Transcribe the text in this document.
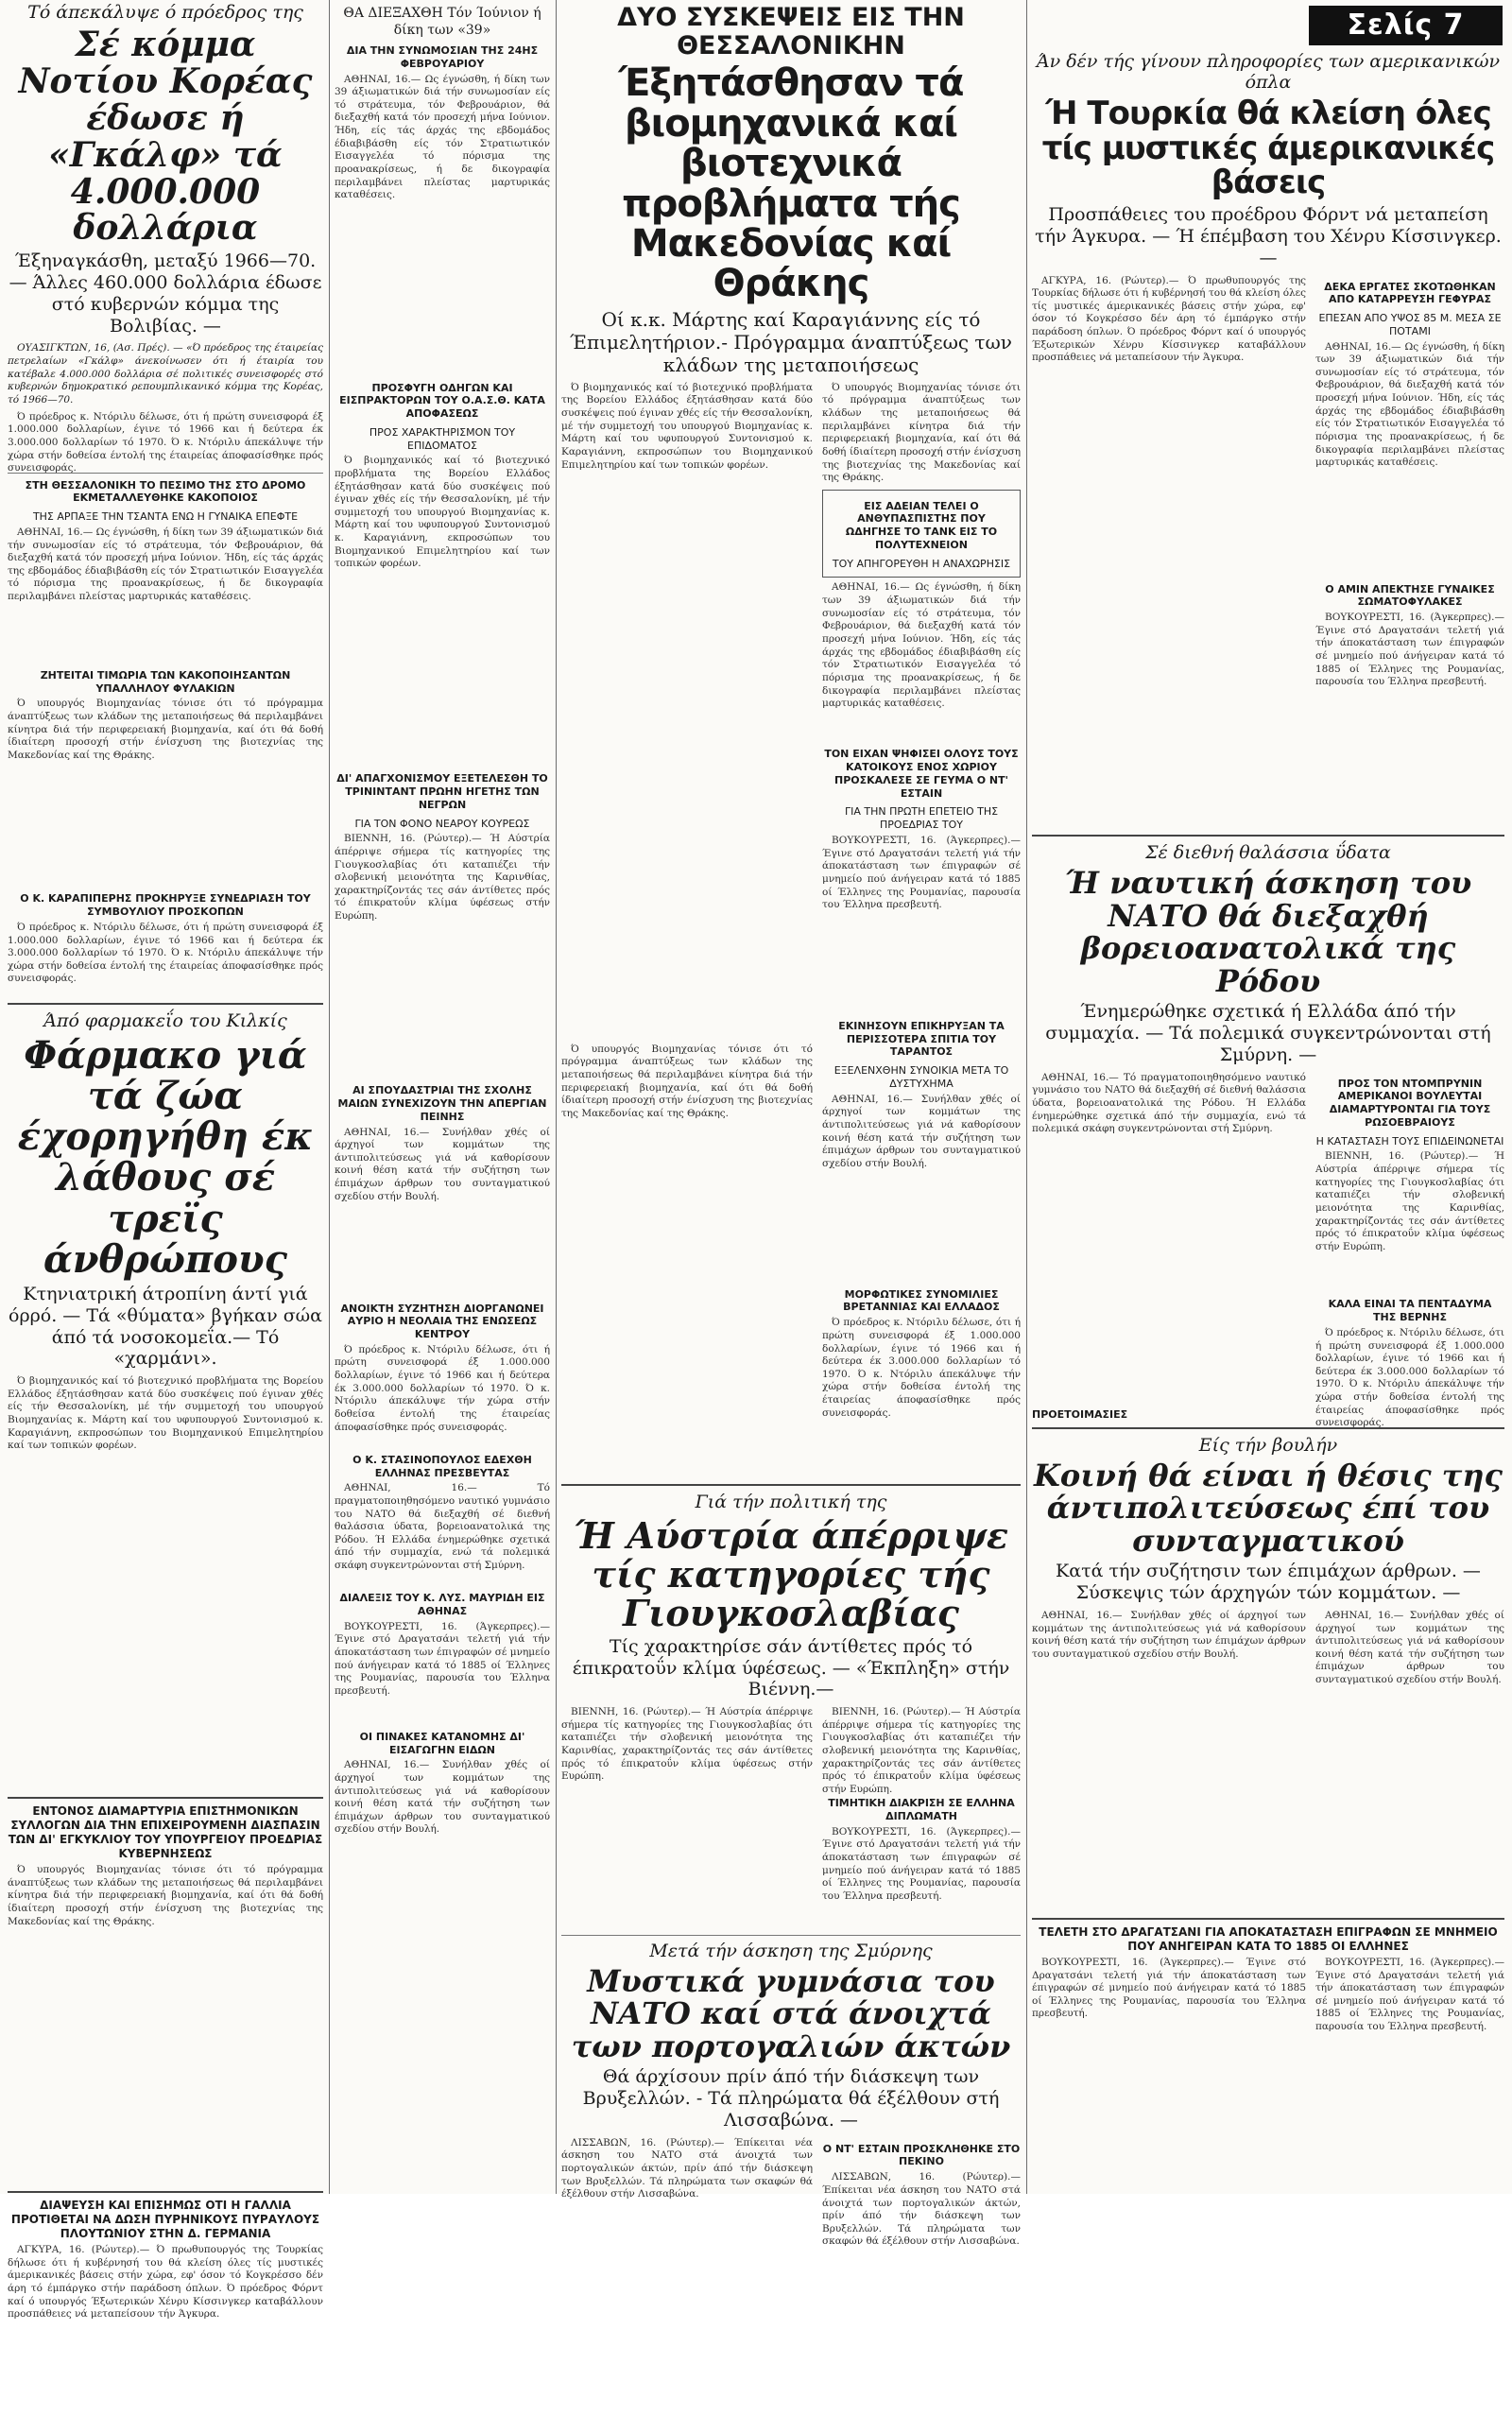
Σελίς 7
Τό άπεκάλυψε ό πρόεδρος της
Σέ κόμμα Νοτίου Κορέας έδωσε ή «Γκάλφ» τά 4.000.000 δολλάρια
Έξηναγκάσθη, μεταξύ 1966—70. — Άλλες 460.000 δολλάρια έδωσε στό κυβερνών κόμμα της Βολιβίας. —
ΟΥΑΣΙΓΚΤΩΝ, 16, (Ασ. Πρές). — «Ό πρόεδρος της έταιρείας πετρελαίων «Γκάλφ» άνεκοίνωσεν ότι ή έταιρία του κατέβαλε 4.000.000 δολλάρια σέ πολιτικές συνεισφορές στό κυβερνών δημοκρατικό ρεπουμπλικανικό κόμμα της Κορέας, τό 1966—70.
Ό πρόεδρος κ. Ντόριλυ δέλωσε, ότι ή πρώτη συνεισφορά έξ 1.000.000 δολλαρίων, έγινε τό 1966 και ή δεύτερα έκ 3.000.000 δολλαρίων τό 1970. Ό κ. Ντόριλυ άπεκάλυψε τήν χώρα στήν δοθείσα έντολή της έταιρείας άποφασίσθηκε πρός συνεισφοράς.
ΣΤΗ ΘΕΣΣΑΛΟΝΙΚΗ ΤΟ ΠΕΣΙΜΟ ΤΗΣ ΣΤΟ ΔΡΟΜΟ ΕΚΜΕΤΑΛΛΕΥΘΗΚΕ ΚΑΚΟΠΟΙΟΣ
ΤΗΣ ΑΡΠΑΞΕ ΤΗΝ ΤΣΑΝΤΑ ΕΝΩ Η ΓΥΝΑΙΚΑ ΕΠΕΦΤΕ
ΑΘΗΝΑΙ, 16.— Ως έγνώσθη, ή δίκη των 39 άξιωματικών διά τήν συνωμοσίαν είς τό στράτευμα, τόν Φεβρουάριον, θά διεξαχθή κατά τόν προσεχή μήνα Ιούνιον. Ήδη, είς τάς άρχάς της εβδομάδος έδιαβιβάσθη είς τόν Στρατιωτικόν Εισαγγελέα τό πόρισμα της προανακρίσεως, ή δε δικογραφία περιλαμβάνει πλείστας μαρτυρικάς καταθέσεις.
ΖΗΤΕΙΤΑΙ ΤΙΜΩΡΙΑ ΤΩΝ ΚΑΚΟΠΟΙΗΣΑΝΤΩΝ ΥΠΑΛΛΗΛΟΥ ΦΥΛΑΚΙΩΝ
Ό υπουργός Βιομηχανίας τόνισε ότι τό πρόγραμμα άναπτύξεως των κλάδων της μεταποιήσεως θά περιλαμβάνει κίνητρα διά τήν περιφερειακή βιομηχανία, καί ότι θά δοθή ίδιαίτερη προσοχή στήν ένίσχυση της βιοτεχνίας της Μακεδονίας καί της Θράκης.
Ο Κ. ΚΑΡΑΠΙΠΕΡΗΣ ΠΡΟΚΗΡΥΞΕ ΣΥΝΕΔΡΙΑΣΗ ΤΟΥ ΣΥΜΒΟΥΛΙΟΥ ΠΡΟΣΚΟΠΩΝ
Ό πρόεδρος κ. Ντόριλυ δέλωσε, ότι ή πρώτη συνεισφορά έξ 1.000.000 δολλαρίων, έγινε τό 1966 και ή δεύτερα έκ 3.000.000 δολλαρίων τό 1970. Ό κ. Ντόριλυ άπεκάλυψε τήν χώρα στήν δοθείσα έντολή της έταιρείας άποφασίσθηκε πρός συνεισφοράς.
Άπό φαρμακεΐο του Κιλκίς
Φάρμακο γιά τά ζώα έχορηγήθη έκ λάθους σέ τρεϊς άνθρώπους
Κτηνιατρική άτροπίνη άντί γιά όρρό. — Τά «θύματα» βγήκαν σώα άπό τά νοσοκομεΐα.— Τό «χαρμάνι».
Ό βιομηχανικός καί τό βιοτεχνικό προβλήματα της Βορείου Ελλάδος έξητάσθησαν κατά δύο συσκέψεις πού έγιναν χθές είς τήν Θεσσαλονίκη, μέ τήν συμμετοχή του υπουργού Βιομηχανίας κ. Μάρτη καί του υφυπουργού Συντονισμού κ. Καραγιάννη, εκπροσώπων του Βιομηχανικού Επιμελητηρίου καί των τοπικών φορέων.
ΕΝΤΟΝΟΣ ΔΙΑΜΑΡΤΥΡΙΑ ΕΠΙΣΤΗΜΟΝΙΚΩΝ ΣΥΛΛΟΓΩΝ ΔΙΑ ΤΗΝ ΕΠΙΧΕΙΡΟΥΜΕΝΗ ΔΙΑΣΠΑΣΙΝ ΤΩΝ ΔΙ' ΕΓΚΥΚΛΙΟΥ ΤΟΥ ΥΠΟΥΡΓΕΙΟΥ ΠΡΟΕΔΡΙΑΣ ΚΥΒΕΡΝΗΣΕΩΣ
Ό υπουργός Βιομηχανίας τόνισε ότι τό πρόγραμμα άναπτύξεως των κλάδων της μεταποιήσεως θά περιλαμβάνει κίνητρα διά τήν περιφερειακή βιομηχανία, καί ότι θά δοθή ίδιαίτερη προσοχή στήν ένίσχυση της βιοτεχνίας της Μακεδονίας καί της Θράκης.
ΔΙΑΨΕΥΣΗ ΚΑΙ ΕΠΙΣΗΜΩΣ ΟΤΙ Η ΓΑΛΛΙΑ ΠΡΟΤΙΘΕΤΑΙ ΝΑ ΔΩΣΗ ΠΥΡΗΝΙΚΟΥΣ ΠΥΡΑΥΛΟΥΣ ΠΛΟΥΤΩΝΙΟΥ ΣΤΗΝ Δ. ΓΕΡΜΑΝΙΑ
ΑΓΚΥΡΑ, 16. (Ρώυτερ).— Ό πρωθυπουργός της Τουρκίας δήλωσε ότι ή κυβέρνησή του θά κλείση όλες τίς μυστικές άμερικανικές βάσεις στήν χώρα, εφ' όσον τό Κογκρέσσο δέν άρη τό έμπάργκο στήν παράδοση όπλων. Ό πρόεδρος Φόρντ καί ό υπουργός Έξωτερικών Χένρυ Κίσσινγκερ καταβάλλουν προσπάθειες νά μεταπείσουν τήν Άγκυρα.
ΘΑ ΔΙΕΞΑΧΘΗ Τόν Ίούνιον ή δίκη των «39»
ΔΙΑ ΤΗΝ ΣΥΝΩΜΟΣΙΑΝ ΤΗΣ 24ΗΣ ΦΕΒΡΟΥΑΡΙΟΥ
ΑΘΗΝΑΙ, 16.— Ως έγνώσθη, ή δίκη των 39 άξιωματικών διά τήν συνωμοσίαν είς τό στράτευμα, τόν Φεβρουάριον, θά διεξαχθή κατά τόν προσεχή μήνα Ιούνιον. Ήδη, είς τάς άρχάς της εβδομάδος έδιαβιβάσθη είς τόν Στρατιωτικόν Εισαγγελέα τό πόρισμα της προανακρίσεως, ή δε δικογραφία περιλαμβάνει πλείστας μαρτυρικάς καταθέσεις.
ΠΡΟΣΦΥΓΗ ΟΔΗΓΩΝ ΚΑΙ ΕΙΣΠΡΑΚΤΟΡΩΝ ΤΟΥ Ο.Α.Σ.Θ. ΚΑΤΑ ΑΠΟΦΑΣΕΩΣ
ΠΡΟΣ ΧΑΡΑΚΤΗΡΙΣΜΟΝ ΤΟΥ ΕΠΙΔΟΜΑΤΟΣ
Ό βιομηχανικός καί τό βιοτεχνικό προβλήματα της Βορείου Ελλάδος έξητάσθησαν κατά δύο συσκέψεις πού έγιναν χθές είς τήν Θεσσαλονίκη, μέ τήν συμμετοχή του υπουργού Βιομηχανίας κ. Μάρτη καί του υφυπουργού Συντονισμού κ. Καραγιάννη, εκπροσώπων του Βιομηχανικού Επιμελητηρίου καί των τοπικών φορέων.
ΔΙ' ΑΠΑΓΧΟΝΙΣΜΟΥ ΕΞΕΤΕΛΕΣΘΗ ΤΟ ΤΡΙΝΙΝΤΑΝΤ ΠΡΩΗΝ ΗΓΕΤΗΣ ΤΩΝ ΝΕΓΡΩΝ
ΓΙΑ ΤΟΝ ΦΟΝΟ ΝΕΑΡΟΥ ΚΟΥΡΕΩΣ
ΒΙΕΝΝΗ, 16. (Ρώυτερ).— Ή Αύστρία άπέρριψε σήμερα τίς κατηγορίες της Γιουγκοσλαβίας ότι καταπιέζει τήν σλοβενική μειονότητα της Καρινθίας, χαρακτηρίζοντάς τες σάν άντίθετες πρός τό έπικρατοΰν κλίμα ύφέσεως στήν Ευρώπη.
ΑΙ ΣΠΟΥΔΑΣΤΡΙΑΙ ΤΗΣ ΣΧΟΛΗΣ ΜΑΙΩΝ ΣΥΝΕΧΙΖΟΥΝ ΤΗΝ ΑΠΕΡΓΙΑΝ ΠΕΙΝΗΣ
ΑΘΗΝΑΙ, 16.— Συνήλθαν χθές οί άρχηγοί των κομμάτων της άντιπολιτεύσεως γιά νά καθορίσουν κοινή θέση κατά τήν συζήτηση των έπιμάχων άρθρων του συνταγματικού σχεδίου στήν Βουλή.
ΑΝΟΙΚΤΗ ΣΥΖΗΤΗΣΗ ΔΙΟΡΓΑΝΩΝΕΙ ΑΥΡΙΟ Η ΝΕΟΛΑΙΑ ΤΗΣ ΕΝΩΣΕΩΣ ΚΕΝΤΡΟΥ
Ό πρόεδρος κ. Ντόριλυ δέλωσε, ότι ή πρώτη συνεισφορά έξ 1.000.000 δολλαρίων, έγινε τό 1966 και ή δεύτερα έκ 3.000.000 δολλαρίων τό 1970. Ό κ. Ντόριλυ άπεκάλυψε τήν χώρα στήν δοθείσα έντολή της έταιρείας άποφασίσθηκε πρός συνεισφοράς.
Ο Κ. ΣΤΑΣΙΝΟΠΟΥΛΟΣ ΕΔΕΧΘΗ ΕΛΛΗΝΑΣ ΠΡΕΣΒΕΥΤΑΣ
ΑΘΗΝΑΙ, 16.— Τό πραγματοποιηθησόμενο ναυτικό γυμνάσιο του ΝΑΤΟ θά διεξαχθή σέ διεθνή θαλάσσια ύδατα, βορειοανατολικά της Ρόδου. Ή Ελλάδα ένημερώθηκε σχετικά άπό τήν συμμαχία, ενώ τά πολεμικά σκάφη συγκεντρώνονται στή Σμύρνη.
ΔΙΑΛΕΞΙΣ ΤΟΥ Κ. ΛΥΣ. ΜΑΥΡΙΔΗ ΕΙΣ ΑΘΗΝΑΣ
ΒΟΥΚΟΥΡΕΣΤΙ, 16. (Άγκερπρες).— Έγινε στό Δραγατσάνι τελετή γιά τήν άποκατάσταση των έπιγραφών σέ μνημείο πού άνήγειραν κατά τό 1885 οί Έλληνες της Ρουμανίας, παρουσία του Έλληνα πρεσβευτή.
ΟΙ ΠΙΝΑΚΕΣ ΚΑΤΑΝΟΜΗΣ ΔΙ' ΕΙΣΑΓΩΓΗΝ ΕΙΔΩΝ
ΑΘΗΝΑΙ, 16.— Συνήλθαν χθές οί άρχηγοί των κομμάτων της άντιπολιτεύσεως γιά νά καθορίσουν κοινή θέση κατά τήν συζήτηση των έπιμάχων άρθρων του συνταγματικού σχεδίου στήν Βουλή.
ΔΥΟ ΣΥΣΚΕΨΕΙΣ ΕΙΣ ΤΗΝ ΘΕΣΣΑΛΟΝΙΚΗΝ
Έξητάσθησαν τά βιομηχανικά καί βιοτεχνικά προβλήματα τής Μακεδονίας καί Θράκης
Οί κ.κ. Μάρτης καί Καραγιάννης είς τό Έπιμελητήριον.- Πρόγραμμα άναπτύξεως των κλάδων της μεταποιήσεως
Ό βιομηχανικός καί τό βιοτεχνικό προβλήματα της Βορείου Ελλάδος έξητάσθησαν κατά δύο συσκέψεις πού έγιναν χθές είς τήν Θεσσαλονίκη, μέ τήν συμμετοχή του υπουργού Βιομηχανίας κ. Μάρτη καί του υφυπουργού Συντονισμού κ. Καραγιάννη, εκπροσώπων του Βιομηχανικού Επιμελητηρίου καί των τοπικών φορέων.
Ό υπουργός Βιομηχανίας τόνισε ότι τό πρόγραμμα άναπτύξεως των κλάδων της μεταποιήσεως θά περιλαμβάνει κίνητρα διά τήν περιφερειακή βιομηχανία, καί ότι θά δοθή ίδιαίτερη προσοχή στήν ένίσχυση της βιοτεχνίας της Μακεδονίας καί της Θράκης.
Ό υπουργός Βιομηχανίας τόνισε ότι τό πρόγραμμα άναπτύξεως των κλάδων της μεταποιήσεως θά περιλαμβάνει κίνητρα διά τήν περιφερειακή βιομηχανία, καί ότι θά δοθή ίδιαίτερη προσοχή στήν ένίσχυση της βιοτεχνίας της Μακεδονίας καί της Θράκης.
ΕΙΣ ΑΔΕΙΑΝ ΤΕΛΕΙ Ο ΑΝΘΥΠΑΣΠΙΣΤΗΣ ΠΟΥ ΩΔΗΓΗΣΕ ΤΟ ΤΑΝΚ ΕΙΣ ΤΟ ΠΟΛΥΤΕΧΝΕΙΟΝ
ΤΟΥ ΑΠΗΓΟΡΕΥΘΗ Η ΑΝΑΧΩΡΗΣΙΣ
ΑΘΗΝΑΙ, 16.— Ως έγνώσθη, ή δίκη των 39 άξιωματικών διά τήν συνωμοσίαν είς τό στράτευμα, τόν Φεβρουάριον, θά διεξαχθή κατά τόν προσεχή μήνα Ιούνιον. Ήδη, είς τάς άρχάς της εβδομάδος έδιαβιβάσθη είς τόν Στρατιωτικόν Εισαγγελέα τό πόρισμα της προανακρίσεως, ή δε δικογραφία περιλαμβάνει πλείστας μαρτυρικάς καταθέσεις.
ΤΟΝ ΕΙΧΑΝ ΨΗΦΙΣΕΙ ΟΛΟΥΣ ΤΟΥΣ ΚΑΤΟΙΚΟΥΣ ΕΝΟΣ ΧΩΡΙΟΥ ΠΡΟΣΚΑΛΕΣΕ ΣΕ ΓΕΥΜΑ Ο ΝΤ' ΕΣΤΑΙΝ
ΓΙΑ ΤΗΝ ΠΡΩΤΗ ΕΠΕΤΕΙΟ ΤΗΣ ΠΡΟΕΔΡΙΑΣ ΤΟΥ
ΒΟΥΚΟΥΡΕΣΤΙ, 16. (Άγκερπρες).— Έγινε στό Δραγατσάνι τελετή γιά τήν άποκατάσταση των έπιγραφών σέ μνημείο πού άνήγειραν κατά τό 1885 οί Έλληνες της Ρουμανίας, παρουσία του Έλληνα πρεσβευτή.
ΕΚΙΝΗΣΟΥΝ ΕΠΙΚΗΡΥΞΑΝ ΤΑ ΠΕΡΙΣΣΟΤΕΡΑ ΣΠΙΤΙΑ ΤΟΥ ΤΑΡΑΝΤΟΣ
ΕΞΕΛΕΝΧΘΗΝ ΣΥΝΟΙΚΙΑ ΜΕΤΑ ΤΟ ΔΥΣΤΥΧΗΜΑ
ΑΘΗΝΑΙ, 16.— Συνήλθαν χθές οί άρχηγοί των κομμάτων της άντιπολιτεύσεως γιά νά καθορίσουν κοινή θέση κατά τήν συζήτηση των έπιμάχων άρθρων του συνταγματικού σχεδίου στήν Βουλή.
ΜΟΡΦΩΤΙΚΕΣ ΣΥΝΟΜΙΛΙΕΣ ΒΡΕΤΑΝΝΙΑΣ ΚΑΙ ΕΛΛΑΔΟΣ
Ό πρόεδρος κ. Ντόριλυ δέλωσε, ότι ή πρώτη συνεισφορά έξ 1.000.000 δολλαρίων, έγινε τό 1966 και ή δεύτερα έκ 3.000.000 δολλαρίων τό 1970. Ό κ. Ντόριλυ άπεκάλυψε τήν χώρα στήν δοθείσα έντολή της έταιρείας άποφασίσθηκε πρός συνεισφοράς.
Γιά τήν πολιτική της
Ή Αύστρία άπέρριψε τίς κατηγορίες τής Γιουγκοσλαβίας
Τίς χαρακτηρίσε σάν άντίθετες πρός τό έπικρατοΰν κλίμα ύφέσεως. — «Έκπληξη» στήν Βιέννη.—
ΒΙΕΝΝΗ, 16. (Ρώυτερ).— Ή Αύστρία άπέρριψε σήμερα τίς κατηγορίες της Γιουγκοσλαβίας ότι καταπιέζει τήν σλοβενική μειονότητα της Καρινθίας, χαρακτηρίζοντάς τες σάν άντίθετες πρός τό έπικρατοΰν κλίμα ύφέσεως στήν Ευρώπη.
ΒΙΕΝΝΗ, 16. (Ρώυτερ).— Ή Αύστρία άπέρριψε σήμερα τίς κατηγορίες της Γιουγκοσλαβίας ότι καταπιέζει τήν σλοβενική μειονότητα της Καρινθίας, χαρακτηρίζοντάς τες σάν άντίθετες πρός τό έπικρατοΰν κλίμα ύφέσεως στήν Ευρώπη.
ΤΙΜΗΤΙΚΗ ΔΙΑΚΡΙΣΗ ΣΕ ΕΛΛΗΝΑ ΔΙΠΛΩΜΑΤΗ
ΒΟΥΚΟΥΡΕΣΤΙ, 16. (Άγκερπρες).— Έγινε στό Δραγατσάνι τελετή γιά τήν άποκατάσταση των έπιγραφών σέ μνημείο πού άνήγειραν κατά τό 1885 οί Έλληνες της Ρουμανίας, παρουσία του Έλληνα πρεσβευτή.
Μετά τήν άσκηση της Σμύρνης
Μυστικά γυμνάσια του ΝΑΤΟ καί στά άνοιχτά των πορτογαλιών άκτών
Θά άρχίσουν πρίν άπό τήν διάσκεψη των Βρυξελλών. - Τά πληρώματα θά έξέλθουν στή Λισσαβώνα. —
ΛΙΣΣΑΒΩΝ, 16. (Ρώυτερ).— Έπίκειται νέα άσκηση του ΝΑΤΟ στά άνοιχτά των πορτογαλικών άκτών, πρίν άπό τήν διάσκεψη των Βρυξελλών. Τά πληρώματα των σκαφών θά έξέλθουν στήν Λισσαβώνα.
Ο ΝΤ' ΕΣΤΑΙΝ ΠΡΟΣΚΛΗΘΗΚΕ ΣΤΟ ΠΕΚΙΝΟ
ΛΙΣΣΑΒΩΝ, 16. (Ρώυτερ).— Έπίκειται νέα άσκηση του ΝΑΤΟ στά άνοιχτά των πορτογαλικών άκτών, πρίν άπό τήν διάσκεψη των Βρυξελλών. Τά πληρώματα των σκαφών θά έξέλθουν στήν Λισσαβώνα.
Άν δέν τής γίνουν πληροφορίες των αμερικανικών όπλα
Ή Τουρκία θά κλείση όλες τίς μυστικές άμερικανικές βάσεις
Προσπάθειες του προέδρου Φόρντ νά μεταπείση τήν Άγκυρα. — Ή έπέμβαση του Χένρυ Κίσσινγκερ. —
ΑΓΚΥΡΑ, 16. (Ρώυτερ).— Ό πρωθυπουργός της Τουρκίας δήλωσε ότι ή κυβέρνησή του θά κλείση όλες τίς μυστικές άμερικανικές βάσεις στήν χώρα, εφ' όσον τό Κογκρέσσο δέν άρη τό έμπάργκο στήν παράδοση όπλων. Ό πρόεδρος Φόρντ καί ό υπουργός Έξωτερικών Χένρυ Κίσσινγκερ καταβάλλουν προσπάθειες νά μεταπείσουν τήν Άγκυρα.
ΔΕΚΑ ΕΡΓΑΤΕΣ ΣΚΟΤΩΘΗΚΑΝ ΑΠΟ ΚΑΤΑΡΡΕΥΣΗ ΓΕΦΥΡΑΣ
ΕΠΕΣΑΝ ΑΠΟ ΥΨΟΣ 85 Μ. ΜΕΣΑ ΣΕ ΠΟΤΑΜΙ
ΑΘΗΝΑΙ, 16.— Ως έγνώσθη, ή δίκη των 39 άξιωματικών διά τήν συνωμοσίαν είς τό στράτευμα, τόν Φεβρουάριον, θά διεξαχθή κατά τόν προσεχή μήνα Ιούνιον. Ήδη, είς τάς άρχάς της εβδομάδος έδιαβιβάσθη είς τόν Στρατιωτικόν Εισαγγελέα τό πόρισμα της προανακρίσεως, ή δε δικογραφία περιλαμβάνει πλείστας μαρτυρικάς καταθέσεις.
Ο ΑΜΙΝ ΑΠΕΚΤΗΣΕ ΓΥΝΑΙΚΕΣ ΣΩΜΑΤΟΦΥΛΑΚΕΣ
ΒΟΥΚΟΥΡΕΣΤΙ, 16. (Άγκερπρες).— Έγινε στό Δραγατσάνι τελετή γιά τήν άποκατάσταση των έπιγραφών σέ μνημείο πού άνήγειραν κατά τό 1885 οί Έλληνες της Ρουμανίας, παρουσία του Έλληνα πρεσβευτή.
Σέ διεθνή θαλάσσια ΰδατα
Ή ναυτική άσκηση του ΝΑΤΟ θά διεξαχθή βορειοανατολικά της Ρόδου
Ένημερώθηκε σχετικά ή Ελλάδα άπό τήν συμμαχία. — Τά πολεμικά συγκεντρώνονται στή Σμύρνη. —
ΑΘΗΝΑΙ, 16.— Τό πραγματοποιηθησόμενο ναυτικό γυμνάσιο του ΝΑΤΟ θά διεξαχθή σέ διεθνή θαλάσσια ύδατα, βορειοανατολικά της Ρόδου. Ή Ελλάδα ένημερώθηκε σχετικά άπό τήν συμμαχία, ενώ τά πολεμικά σκάφη συγκεντρώνονται στή Σμύρνη.
ΠΡΟΣ ΤΟΝ ΝΤΟΜΠΡΥΝΙΝ ΑΜΕΡΙΚΑΝΟΙ ΒΟΥΛΕΥΤΑΙ ΔΙΑΜΑΡΤΥΡΟΝΤΑΙ ΓΙΑ ΤΟΥΣ ΡΩΣΟΕΒΡΑΙΟΥΣ
Η ΚΑΤΑΣΤΑΣΗ ΤΟΥΣ ΕΠΙΔΕΙΝΩΝΕΤΑΙ
ΒΙΕΝΝΗ, 16. (Ρώυτερ).— Ή Αύστρία άπέρριψε σήμερα τίς κατηγορίες της Γιουγκοσλαβίας ότι καταπιέζει τήν σλοβενική μειονότητα της Καρινθίας, χαρακτηρίζοντάς τες σάν άντίθετες πρός τό έπικρατοΰν κλίμα ύφέσεως στήν Ευρώπη.
ΚΑΛΑ ΕΙΝΑΙ ΤΑ ΠΕΝΤΑΔΥΜΑ ΤΗΣ ΒΕΡΝΗΣ
Ό πρόεδρος κ. Ντόριλυ δέλωσε, ότι ή πρώτη συνεισφορά έξ 1.000.000 δολλαρίων, έγινε τό 1966 και ή δεύτερα έκ 3.000.000 δολλαρίων τό 1970. Ό κ. Ντόριλυ άπεκάλυψε τήν χώρα στήν δοθείσα έντολή της έταιρείας άποφασίσθηκε πρός συνεισφοράς.
ΠΡΟΕΤΟΙΜΑΣΙΕΣ
Είς τήν βουλήν
Κοινή θά είναι ή θέσις της άντιπολιτεύσεως έπί του συνταγματικού
Κατά τήν συζήτησιν των έπιμάχων άρθρων. — Σύσκεψις τών άρχηγών τών κομμάτων. —
ΑΘΗΝΑΙ, 16.— Συνήλθαν χθές οί άρχηγοί των κομμάτων της άντιπολιτεύσεως γιά νά καθορίσουν κοινή θέση κατά τήν συζήτηση των έπιμάχων άρθρων του συνταγματικού σχεδίου στήν Βουλή.
ΑΘΗΝΑΙ, 16.— Συνήλθαν χθές οί άρχηγοί των κομμάτων της άντιπολιτεύσεως γιά νά καθορίσουν κοινή θέση κατά τήν συζήτηση των έπιμάχων άρθρων του συνταγματικού σχεδίου στήν Βουλή.
ΤΕΛΕΤΗ ΣΤΟ ΔΡΑΓΑΤΣΑΝΙ ΓΙΑ ΑΠΟΚΑΤΑΣΤΑΣΗ ΕΠΙΓΡΑΦΩΝ ΣΕ ΜΝΗΜΕΙΟ ΠΟΥ ΑΝΗΓΕΙΡΑΝ ΚΑΤΑ ΤΟ 1885 ΟΙ ΕΛΛΗΝΕΣ
ΒΟΥΚΟΥΡΕΣΤΙ, 16. (Άγκερπρες).— Έγινε στό Δραγατσάνι τελετή γιά τήν άποκατάσταση των έπιγραφών σέ μνημείο πού άνήγειραν κατά τό 1885 οί Έλληνες της Ρουμανίας, παρουσία του Έλληνα πρεσβευτή.
ΒΟΥΚΟΥΡΕΣΤΙ, 16. (Άγκερπρες).— Έγινε στό Δραγατσάνι τελετή γιά τήν άποκατάσταση των έπιγραφών σέ μνημείο πού άνήγειραν κατά τό 1885 οί Έλληνες της Ρουμανίας, παρουσία του Έλληνα πρεσβευτή.
